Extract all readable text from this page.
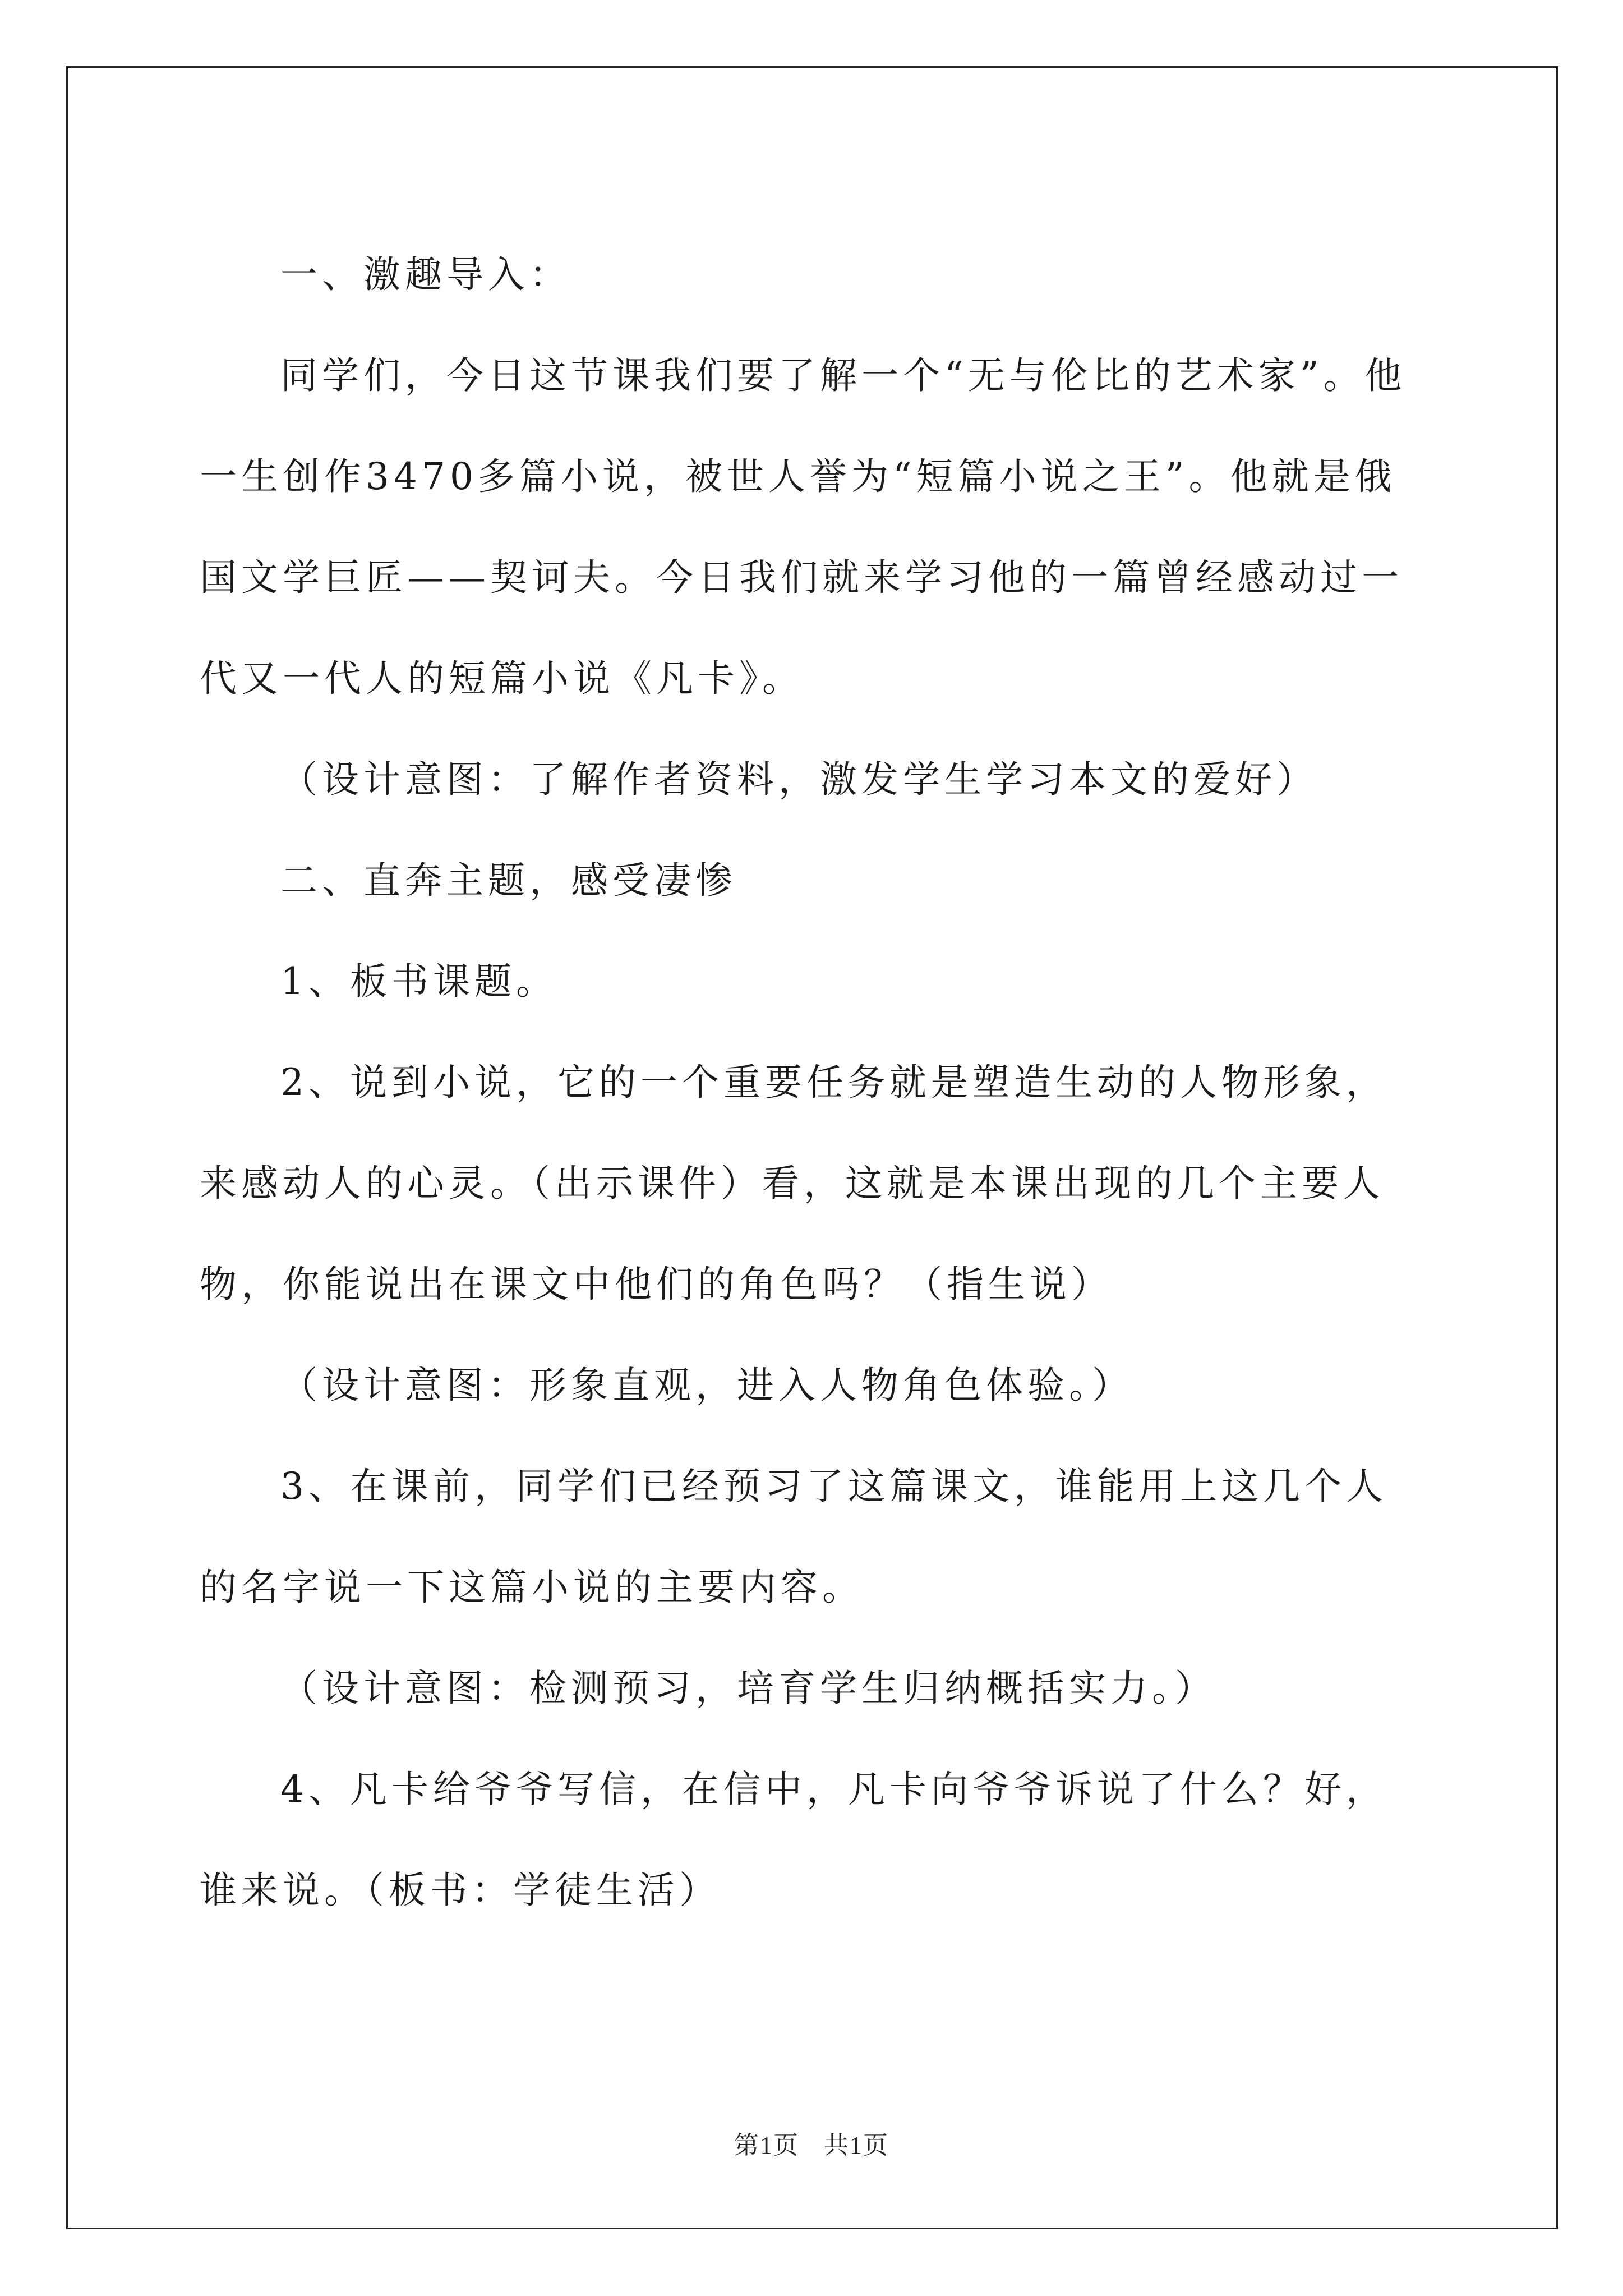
一、激趣导入：

同学们，今日这节课我们要了解一个“无与伦比的艺术家”。他一生创作3470多篇小说，被世人誉为“短篇小说之王”。他就是俄国文学巨匠——契诃夫。今日我们就来学习他的一篇曾经感动过一代又一代人的短篇小说《凡卡》。

（设计意图：了解作者资料，激发学生学习本文的爱好）

二、直奔主题，感受凄惨

1、板书课题。

2、说到小说，它的一个重要任务就是塑造生动的人物形象，来感动人的心灵。（出示课件）看，这就是本课出现的几个主要人物，你能说出在课文中他们的角色吗？（指生说）

（设计意图：形象直观，进入人物角色体验。）

3、在课前，同学们已经预习了这篇课文，谁能用上这几个人的名字说一下这篇小说的主要内容。

（设计意图：检测预习，培育学生归纳概括实力。）

4、凡卡给爷爷写信，在信中，凡卡向爷爷诉说了什么？好，谁来说。（板书：学徒生活）

第1页 共1页
